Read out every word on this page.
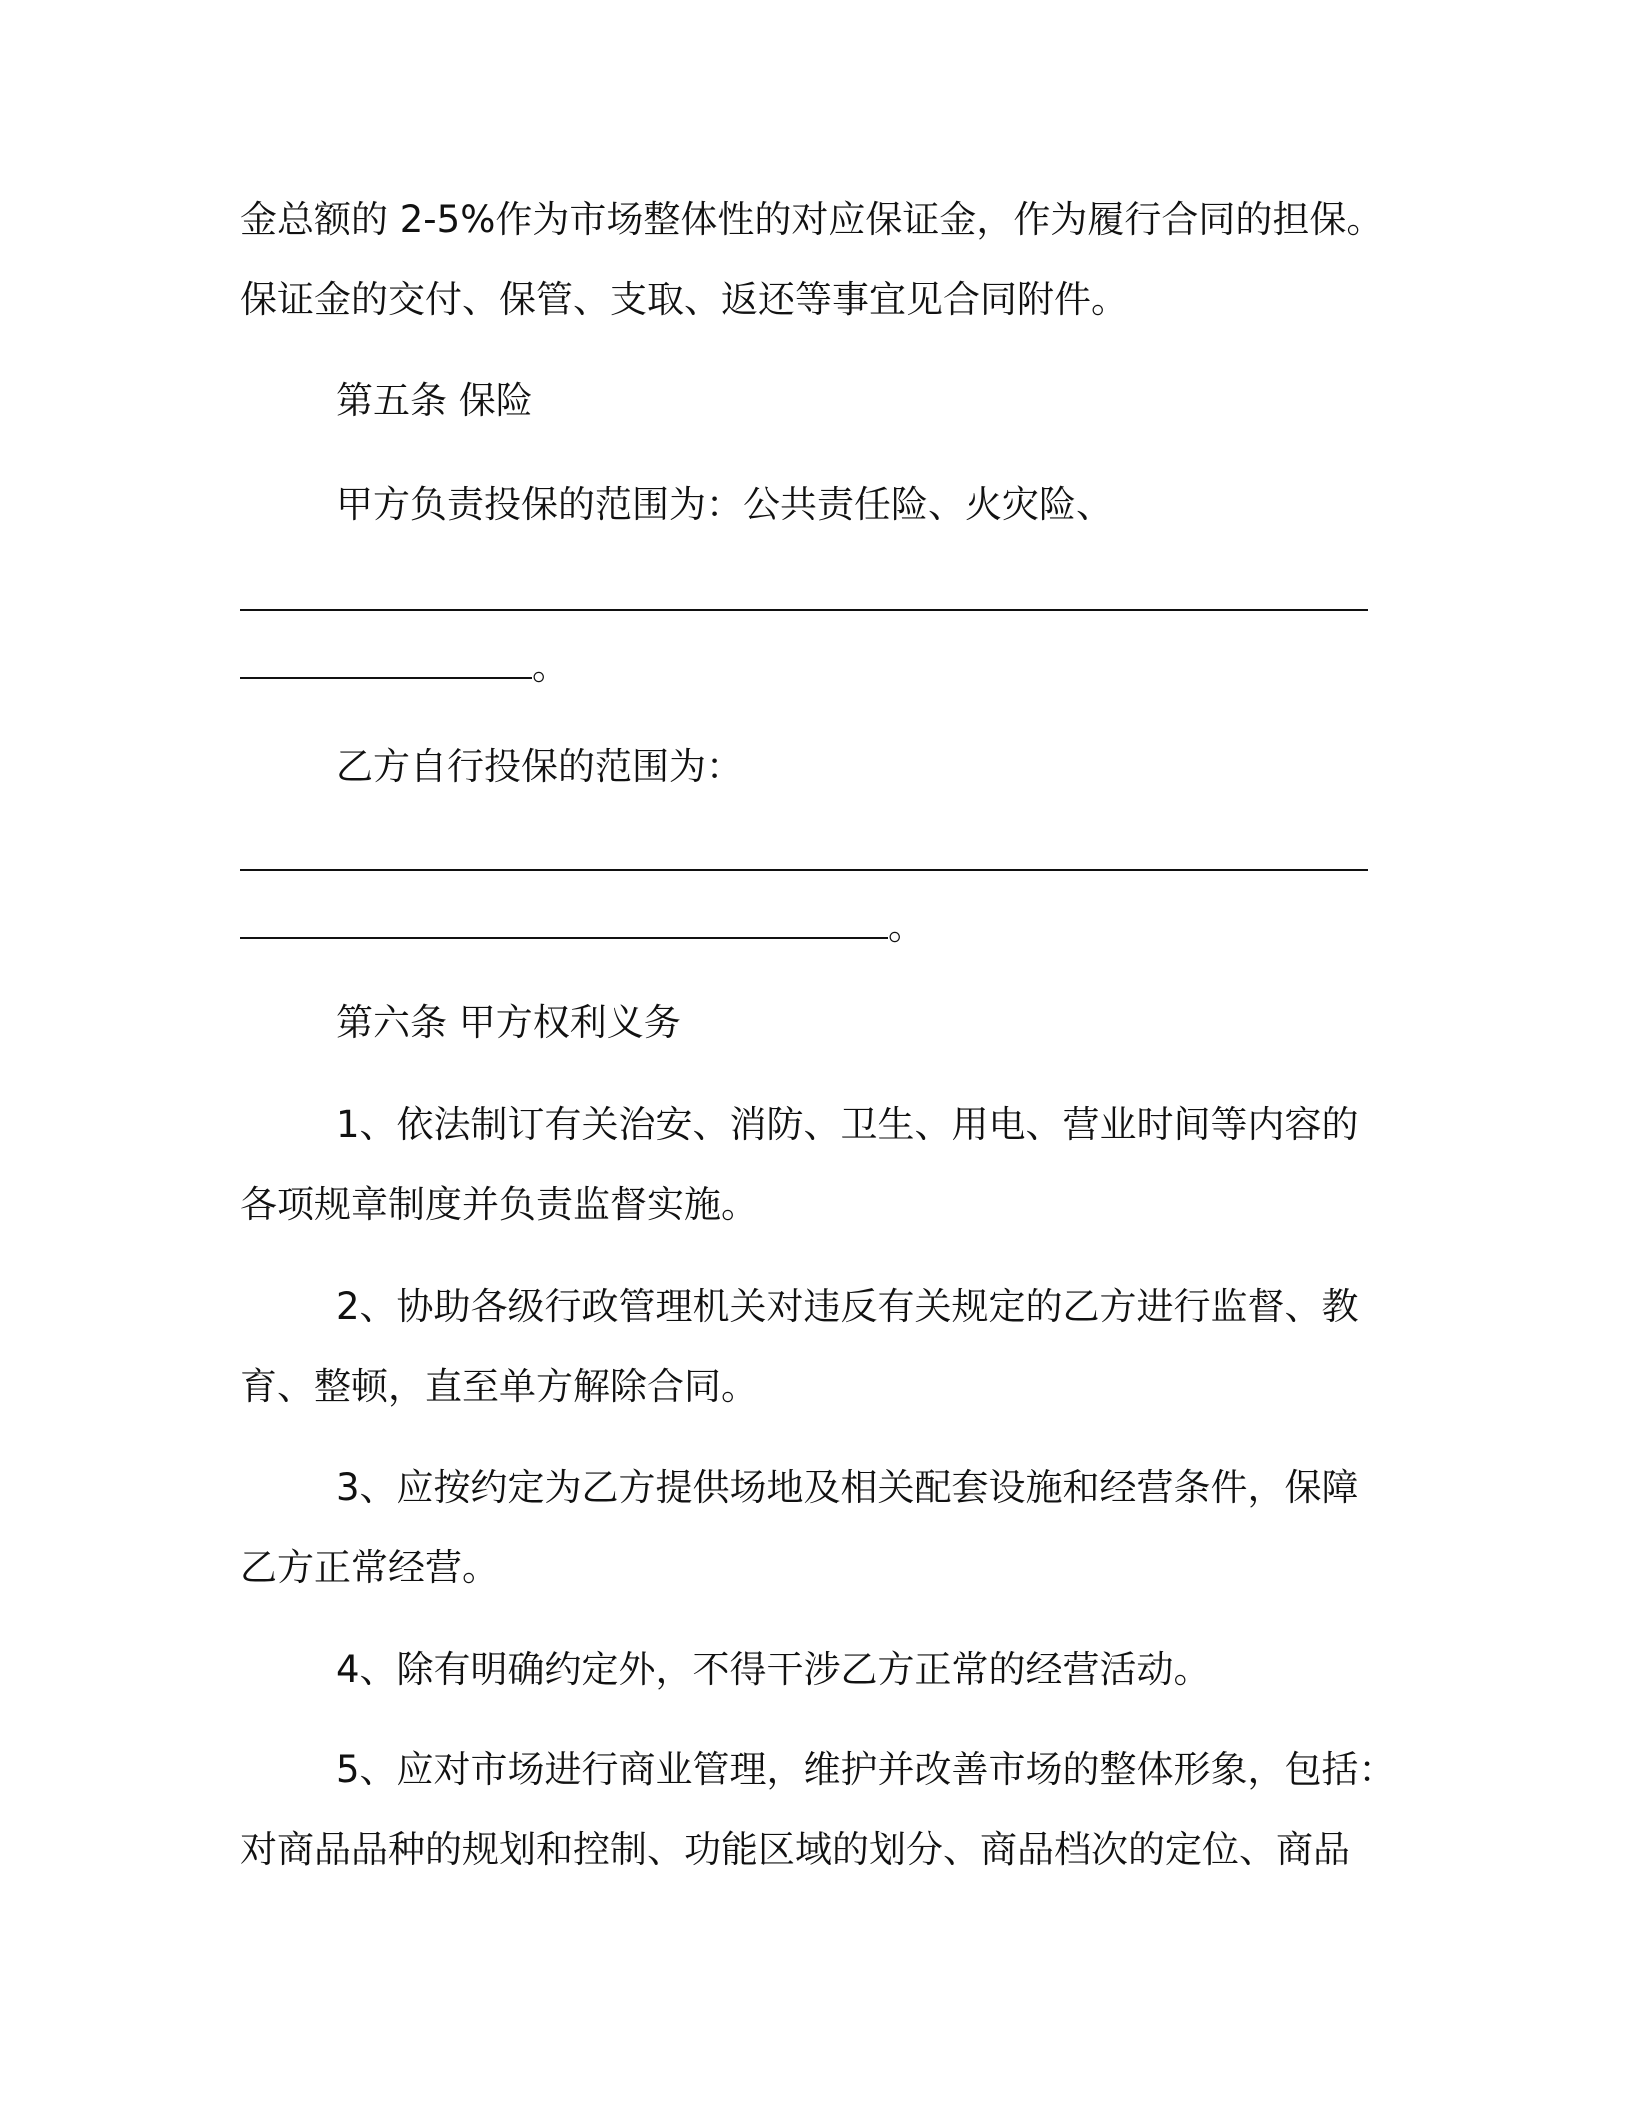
金总额的 2-5%作为市场整体性的对应保证金，作为履行合同的担保。
保证金的交付、保管、支取、返还等事宜见合同附件。
第五条 保险
甲方负责投保的范围为：公共责任险、火灾险、
。
乙方自行投保的范围为：
。
第六条 甲方权利义务
1、依法制订有关治安、消防、卫生、用电、营业时间等内容的
各项规章制度并负责监督实施。
2、协助各级行政管理机关对违反有关规定的乙方进行监督、教
育、整顿，直至单方解除合同。
3、应按约定为乙方提供场地及相关配套设施和经营条件，保障
乙方正常经营。
4、除有明确约定外，不得干涉乙方正常的经营活动。
5、应对市场进行商业管理，维护并改善市场的整体形象，包括：
对商品品种的规划和控制、功能区域的划分、商品档次的定位、商品
